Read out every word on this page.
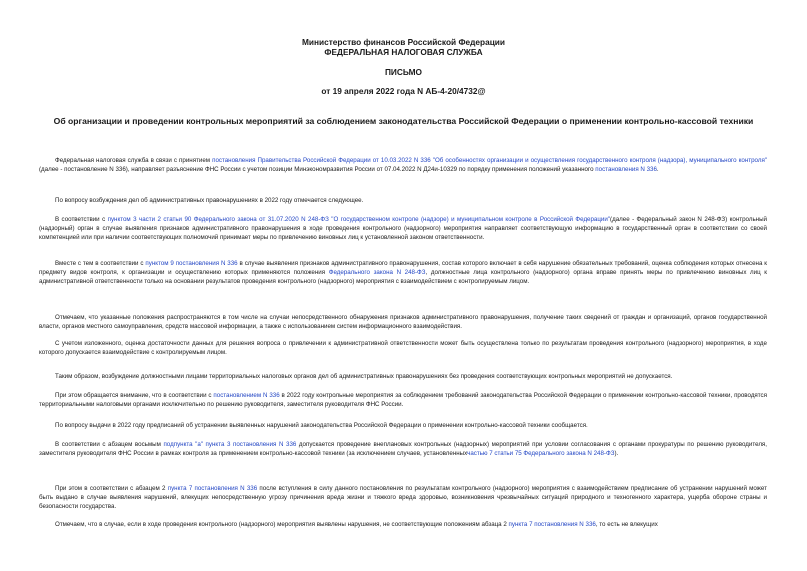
Министерство финансов Российской Федерации
ФЕДЕРАЛЬНАЯ НАЛОГОВАЯ СЛУЖБА
ПИСЬМО
от 19 апреля 2022 года N АБ-4-20/4732@
Об организации и проведении контрольных мероприятий за соблюдением законодательства Российской Федерации о применении контрольно-кассовой техники

Федеральная налоговая служба в связи с принятием постановления Правительства Российской Федерации от 10.03.2022 N 336 "Об особенностях организации и осуществления государственного контроля (надзора), муниципального контроля" (далее - постановление N 336), направляет разъяснение ФНС России с учетом позиции Минэкономразвития России от 07.04.2022 N Д24и-10329 по порядку применения положений указанного постановления N 336.

По вопросу возбуждения дел об административных правонарушениях в 2022 году отмечается следующее.

В соответствии с пунктом 3 части 2 статьи 90 Федерального закона от 31.07.2020 N 248-ФЗ "О государственном контроле (надзоре) и муниципальном контроле в Российской Федерации"(далее - Федеральный закон N 248-ФЗ) контрольный (надзорный) орган в случае выявления признаков административного правонарушения в ходе проведения контрольного (надзорного) мероприятия направляет соответствующую информацию в государственный орган в соответствии со своей компетенцией или при наличии соответствующих полномочий принимает меры по привлечению виновных лиц к установленной законом ответственности.

Вместе с тем в соответствии с пунктом 9 постановления N 336 в случае выявления признаков административного правонарушения, состав которого включает в себя нарушение обязательных требований, оценка соблюдения которых отнесена к предмету видов контроля, к организации и осуществлению которых применяются положения Федерального закона N 248-ФЗ, должностные лица контрольного (надзорного) органа вправе принять меры по привлечению виновных лиц к административной ответственности только на основании результатов проведения контрольного (надзорного) мероприятия с взаимодействием с контролируемым лицом.

Отмечаем, что указанные положения распространяются в том числе на случаи непосредственного обнаружения признаков административного правонарушения, получение таких сведений от граждан и организаций, органов государственной власти, органов местного самоуправления, средств массовой информации, а также с использованием систем информационного взаимодействия.

С учетом изложенного, оценка достаточности данных для решения вопроса о привлечении к административной ответственности может быть осуществлена только по результатам проведения контрольного (надзорного) мероприятия, в ходе которого допускается взаимодействие с контролируемым лицом.

Таким образом, возбуждение должностными лицами территориальных налоговых органов дел об административных правонарушениях без проведения соответствующих контрольных мероприятий не допускается.

При этом обращается внимание, что в соответствии с постановлением N 336 в 2022 году контрольные мероприятия за соблюдением требований законодательства Российской Федерации о применении контрольно-кассовой техники, проводятся территориальными налоговыми органами исключительно по решению руководителя, заместителя руководителя ФНС России.

По вопросу выдачи в 2022 году предписаний об устранении выявленных нарушений законодательства Российской Федерации о применении контрольно-кассовой техники сообщается.

В соответствии с абзацем восьмым подпункта "а" пункта 3 постановления N 336 допускается проведение внеплановых контрольных (надзорных) мероприятий при условии согласования с органами прокуратуры по решению руководителя, заместителя руководителя ФНС России в рамках контроля за применением контрольно-кассовой техники (за исключением случаев, установленныхчастью 7 статьи 75 Федерального закона N 248-ФЗ).

При этом в соответствии с абзацем 2 пункта 7 постановления N 336 после вступления в силу данного постановления по результатам контрольного (надзорного) мероприятия с взаимодействием предписание об устранении нарушений может быть выдано в случае выявления нарушений, влекущих непосредственную угрозу причинения вреда жизни и тяжкого вреда здоровью, возникновения чрезвычайных ситуаций природного и техногенного характера, ущерба обороне страны и безопасности государства.

Отмечаем, что в случае, если в ходе проведения контрольного (надзорного) мероприятия выявлены нарушения, не соответствующие положениям абзаца 2 пункта 7 постановления N 336, то есть не влекущих
